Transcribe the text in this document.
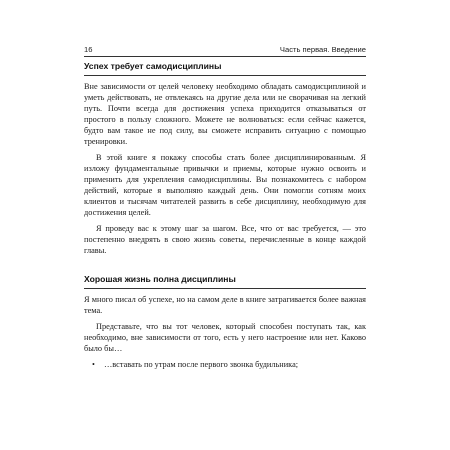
16	Часть первая. Введение
Успех требует самодисциплины

Вне зависимости от целей человеку необходимо обладать самодисциплиной и уметь действовать, не отвлекаясь на другие дела или не сворачивая на легкий путь. Почти всегда для достижения успеха приходится отказываться от простого в пользу сложного. Можете не волноваться: если сейчас кажется, будто вам такое не под силу, вы сможете исправить ситуацию с помощью тренировки.

В этой книге я покажу способы стать более дисциплинированным. Я изложу фундаментальные привычки и приемы, которые нужно освоить и применить для укрепления самодисциплины. Вы познакомитесь с набором действий, которые я выполняю каждый день. Они помогли сотням моих клиентов и тысячам читателей развить в себе дисциплину, необходимую для достижения целей.

Я проведу вас к этому шаг за шагом. Все, что от вас требуется, — это постепенно внедрять в свою жизнь советы, перечисленные в конце каждой главы.

Хорошая жизнь полна дисциплины

Я много писал об успехе, но на самом деле в книге затрагивается более важная тема.

Представьте, что вы тот человек, который способен поступать так, как необходимо, вне зависимости от того, есть у него настроение или нет. Каково было бы…

• …вставать по утрам после первого звонка будильника;
